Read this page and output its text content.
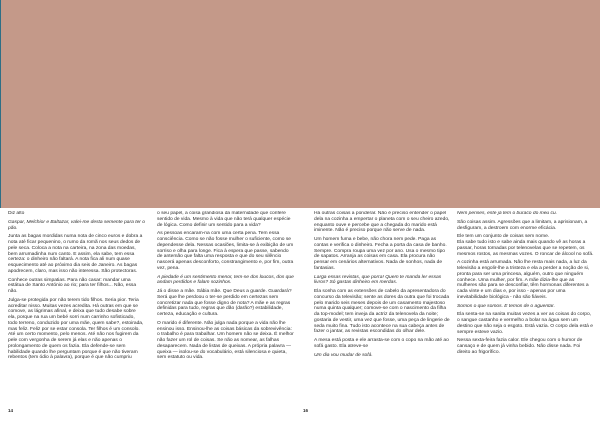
Diz alto

Gaspar, Melchior e Baltazar, valei-me desta semente para ter o pão.

Junta as bagas mordidas numa nota de cinco euros e dobra a nota até ficar pequenino, o rumo da romã nos seus dedos de pele seca. Coloca a nota na carteira, na zona das moedas, bem arrumadinha num canto. E assim, ela sabe, tem essa certeza: o dinheiro não faltará. A nota fica ali num quase esquecimento até ao próximo dia seis de Janeiro. As bagas apodrecem, claro, mas isso não interessa. São protectoras.

Conhece outras simpatias. Para não casar: mandar uma estátua de Santo António ao rio; para ter filhos... Não, essa não.

Julga-se protegida por não terem tido filhos. Seria pior. Teria acreditar nisso. Muitas vezes acredita. Há outras em que se comove, as lágrimas afinal, e deixa que tudo desabe sobre ela, porque na rua um bebé sorri num carrinho sofisticado, todo terreno, conduzido por uma mãe, quem sabe?, estoirada, mas feliz. Feliz por se estar consola. Ter filhos é um consolo. Até um certo momento, pelo menos. Até não nos fugirem da pele com vergonha de serem já elas e não apenas o prolongamento de quem os fazia. Ela defende-se sem habilidade quando lhe perguntam porque é que não tiveram rebentos (tem ódio à palavra), porque é que não cumpriu

o seu papel, a coisa grandiosa da maternidade que confere sentido de vida. Mesmo à vida que não terá qualquer espécie de lógica. Como definir um sentido para a vida?

As pessoas encaram-na com uma certa pena. Tem essa consciência. Como se não fosse mulher o suficiente, como se dependesse dela. Nessas ocasiões, limita-se à exibição de um sorriso e olha para longe. Fica à espera que passe, sabendo de antemão que falta uma resposta e que do seu silêncio nascerá apenas desconforto, constrangimento e, por fim, outra vez, pena.

A piedade é um sentimento menor, tem-se dos loucos, dos que andam perdidos e falam sozinhos.

Já o disse a mãe. Sábia mãe. Que Deus a guarde. Guardará? Será que lhe perdoou o ter-se perdido em certezas sem concretizar nada que fosse digno de nota? A mãe e as regras definidas para tudo, regras que dão (darão?) estabilidade, certeza, educação e cultura.

O marido é diferente. Não julga nada porque a vida não lhe ensinou isso. Ensinou-lhe as coisas básicas da sobrevivência: o trabalho é para trabalhar. Um homem não se deixa. É melhor não fazer um rol de coisas. Se não as nomear, as falhas desaparecem. Nada de listas de queixas. A própria palavra — queixa — isolou-se do vocabulário, está silenciosa e quieta, sem estatuto ou vida.

Há outras coisas a ponderar. Não é preciso entender o papel dela na cozinha a empertar o planeta com o seu cheiro azedo, enquanto ouve e percebe que a chegada do marido está iminente. Não é preciso porque não serve de nada.

Um homem fuma e bebe, não chora nem pede. Paga as contas e verifica o dinheiro. Fecha a porta da casa de banho. Sempre. Compra roupa uma vez por ano. Usa o mesmo tipo de sapatos. Arranja as coisas em casa. Ela procura não pensar em cenários alternativos. Nada de sonhos, nada de fantasias.

Larga essas revistas, que porra! Quem te manda ler essas livros? Só gastas dinheiro em merdas.

Ela sonha com as extensões de cabelo da apresentadora do concurso da televisão; sente as dores da outra que foi trocada pelo marido seis meses depois de um casamento majestoso numa quinta qualquer; comove-se com o nascimento da filha da top-model; tem inveja da actriz da telenovela da noite; gostaria de vestir, uma vez que fosse, uma peça de lingerie de seda muito fina. Tudo isto acontece na sua cabeça antes de fazer o jantar, as revistas escondidas do olhar dele.

A mesa está posta e ele arrasta-se com o copo na mão até ao sofá gasto. Ela atreve-se

Um dia vou mudar de sofá.

Nem penses, este já tem o buraco do meu cu.

São coisas assim. Agressões que a limitam, a aprisionam, a desfiguram, a destroem com enorme eficácia.

Ele tem um conjunto de coisas sem nome.

Ela sabe tudo isto e sabe ainda mais quando vê as horas a passar, horas tornadas por telenovelas que se repetem, os mesmos rostos, as mesmas vozes. O roncar de álcool no sofá.

A cozinha está arrumada. Não lhe resta mais nada, a luz da televisão a engolir-lhe a tristeza e ela a perder a noção de si, pronta para ser uma princesa, alguém, outro que ninguém conhece. Uma mulher, por fim. A mãe dizia-lhe que as mulheres são para se desconfiar, têm hormonas diferentes a cada vinte e um dias e, por isso - apenas por uma inevitabilidade biológica - não são fiáveis.

Somos o que somos. E temos de o aguentar.

Ela senta-se na sanita muitas vezes a ver as coisas do corpo, o sangue castanho e vermelho a bolar na água sem um destino que não seja o esgoto. Está vazia. O corpo dela está e sempre esteve vazio.

Nessa sexta-feira fazia calor. Ele chegou com o humor de cansaço e de quem já vinha bebido. Não disse nada. Foi direito ao frigorífico.

14	16
